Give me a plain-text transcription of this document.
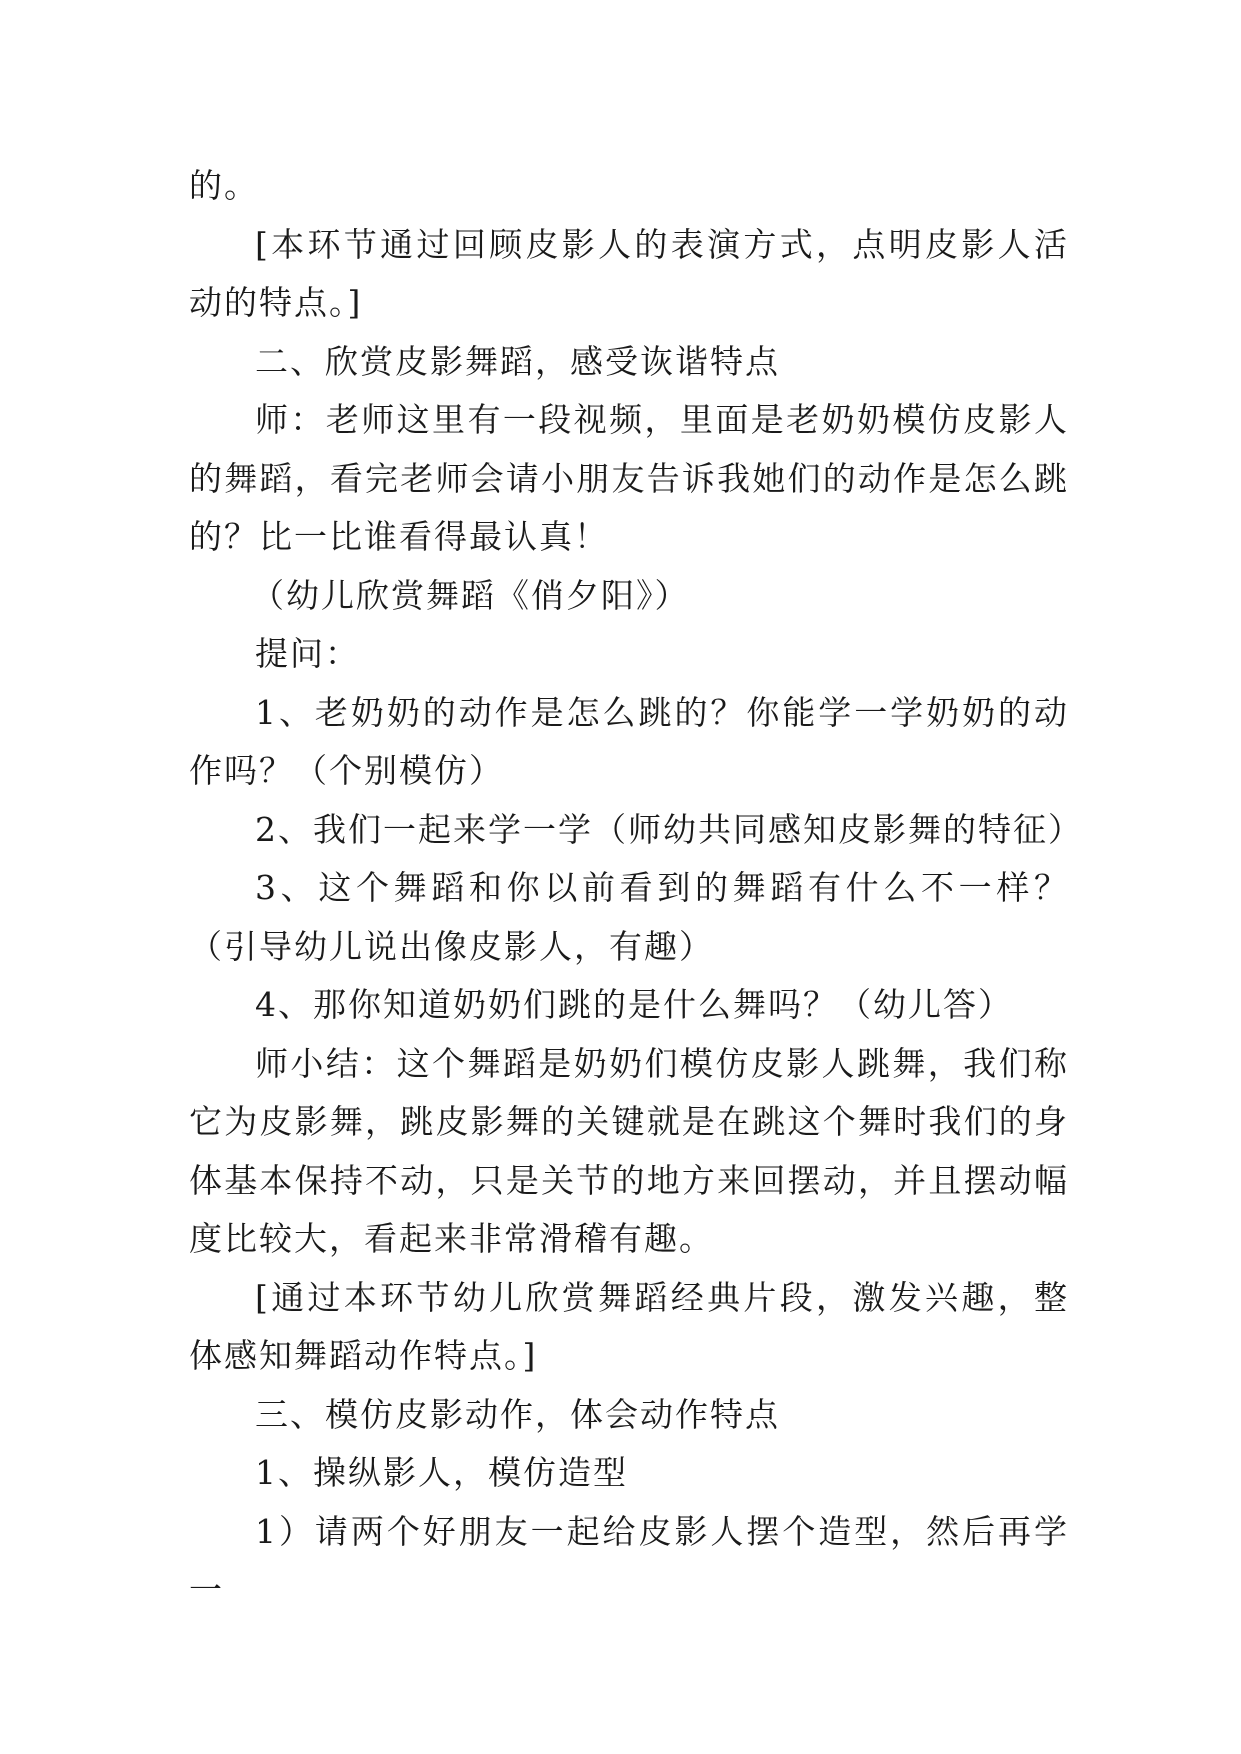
的。

[本环节通过回顾皮影人的表演方式，点明皮影人活动的特点。]

二、欣赏皮影舞蹈，感受诙谐特点

师：老师这里有一段视频，里面是老奶奶模仿皮影人的舞蹈，看完老师会请小朋友告诉我她们的动作是怎么跳的？比一比谁看得最认真！

（幼儿欣赏舞蹈《俏夕阳》）

提问：

1、老奶奶的动作是怎么跳的？你能学一学奶奶的动作吗？（个别模仿）

2、我们一起来学一学（师幼共同感知皮影舞的特征）

3、这个舞蹈和你以前看到的舞蹈有什么不一样？（引导幼儿说出像皮影人，有趣）

4、那你知道奶奶们跳的是什么舞吗？（幼儿答）

师小结：这个舞蹈是奶奶们模仿皮影人跳舞，我们称它为皮影舞，跳皮影舞的关键就是在跳这个舞时我们的身体基本保持不动，只是关节的地方来回摆动，并且摆动幅度比较大，看起来非常滑稽有趣。

[通过本环节幼儿欣赏舞蹈经典片段，激发兴趣，整体感知舞蹈动作特点。]

三、模仿皮影动作，体会动作特点

1、操纵影人，模仿造型

1）请两个好朋友一起给皮影人摆个造型，然后再学一
